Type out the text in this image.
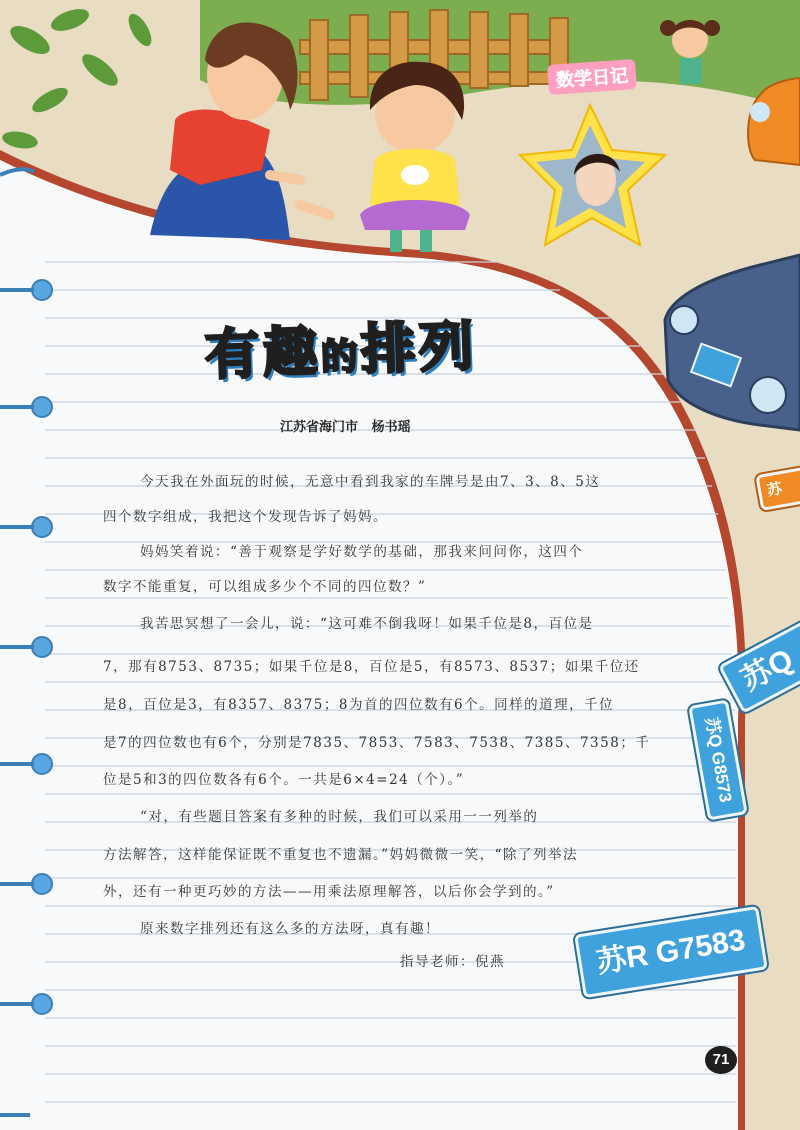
数学日记
有趣的排列
江苏省海门市 杨书瑶
今天我在外面玩的时候，无意中看到我家的车牌号是由7、3、8、5这
四个数字组成，我把这个发现告诉了妈妈。
妈妈笑着说：“善于观察是学好数学的基础，那我来问问你，这四个
数字不能重复，可以组成多少个不同的四位数？”
我苦思冥想了一会儿，说：“这可难不倒我呀！如果千位是8，百位是
7，那有8753、8735；如果千位是8，百位是5，有8573、8537；如果千位还
是8，百位是3，有8357、8375；8为首的四位数有6个。同样的道理，千位
是7的四位数也有6个，分别是7835、7853、7583、7538、7385、7358；千
位是5和3的四位数各有6个。一共是6×4=24（个）。”
“对，有些题目答案有多种的时候，我们可以采用一一列举的
方法解答，这样能保证既不重复也不遗漏。”妈妈微微一笑，“除了列举法
外，还有一种更巧妙的方法——用乘法原理解答，以后你会学到的。”
原来数字排列还有这么多的方法呀，真有趣！
指导老师：倪燕
苏Q
苏Q G8573
苏R G7583
苏
71
